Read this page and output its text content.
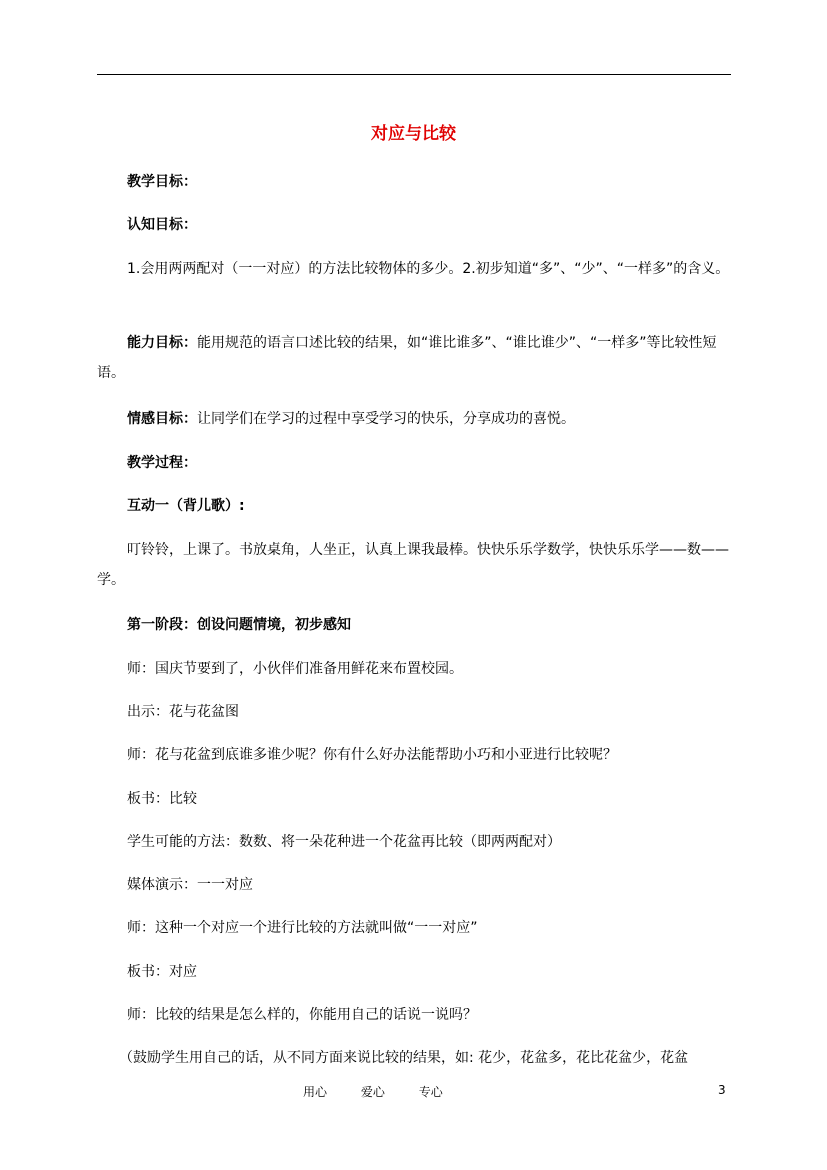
对应与比较
教学目标：
认知目标：
1.会用两两配对（一一对应）的方法比较物体的多少。2.初步知道“多”、“少”、“一样多”的含义。
能力目标：能用规范的语言口述比较的结果，如“谁比谁多”、“谁比谁少”、“一样多”等比较性短语。
情感目标：让同学们在学习的过程中享受学习的快乐，分享成功的喜悦。
教学过程：
互动一（背儿歌）:
叮铃铃，上课了。书放桌角，人坐正，认真上课我最棒。快快乐乐学数学，快快乐乐学——数——学。
第一阶段：创设问题情境，初步感知
师：国庆节要到了，小伙伴们准备用鲜花来布置校园。
出示：花与花盆图
师：花与花盆到底谁多谁少呢？你有什么好办法能帮助小巧和小亚进行比较呢？
板书：比较
学生可能的方法：数数、将一朵花种进一个花盆再比较（即两两配对）
媒体演示：一一对应
师：这种一个对应一个进行比较的方法就叫做“一一对应”
板书：对应
师：比较的结果是怎么样的，你能用自己的话说一说吗？
（鼓励学生用自己的话，从不同方面来说比较的结果，如: 花少，花盆多，花比花盆少，花盆
用心	爱心	专心	3
